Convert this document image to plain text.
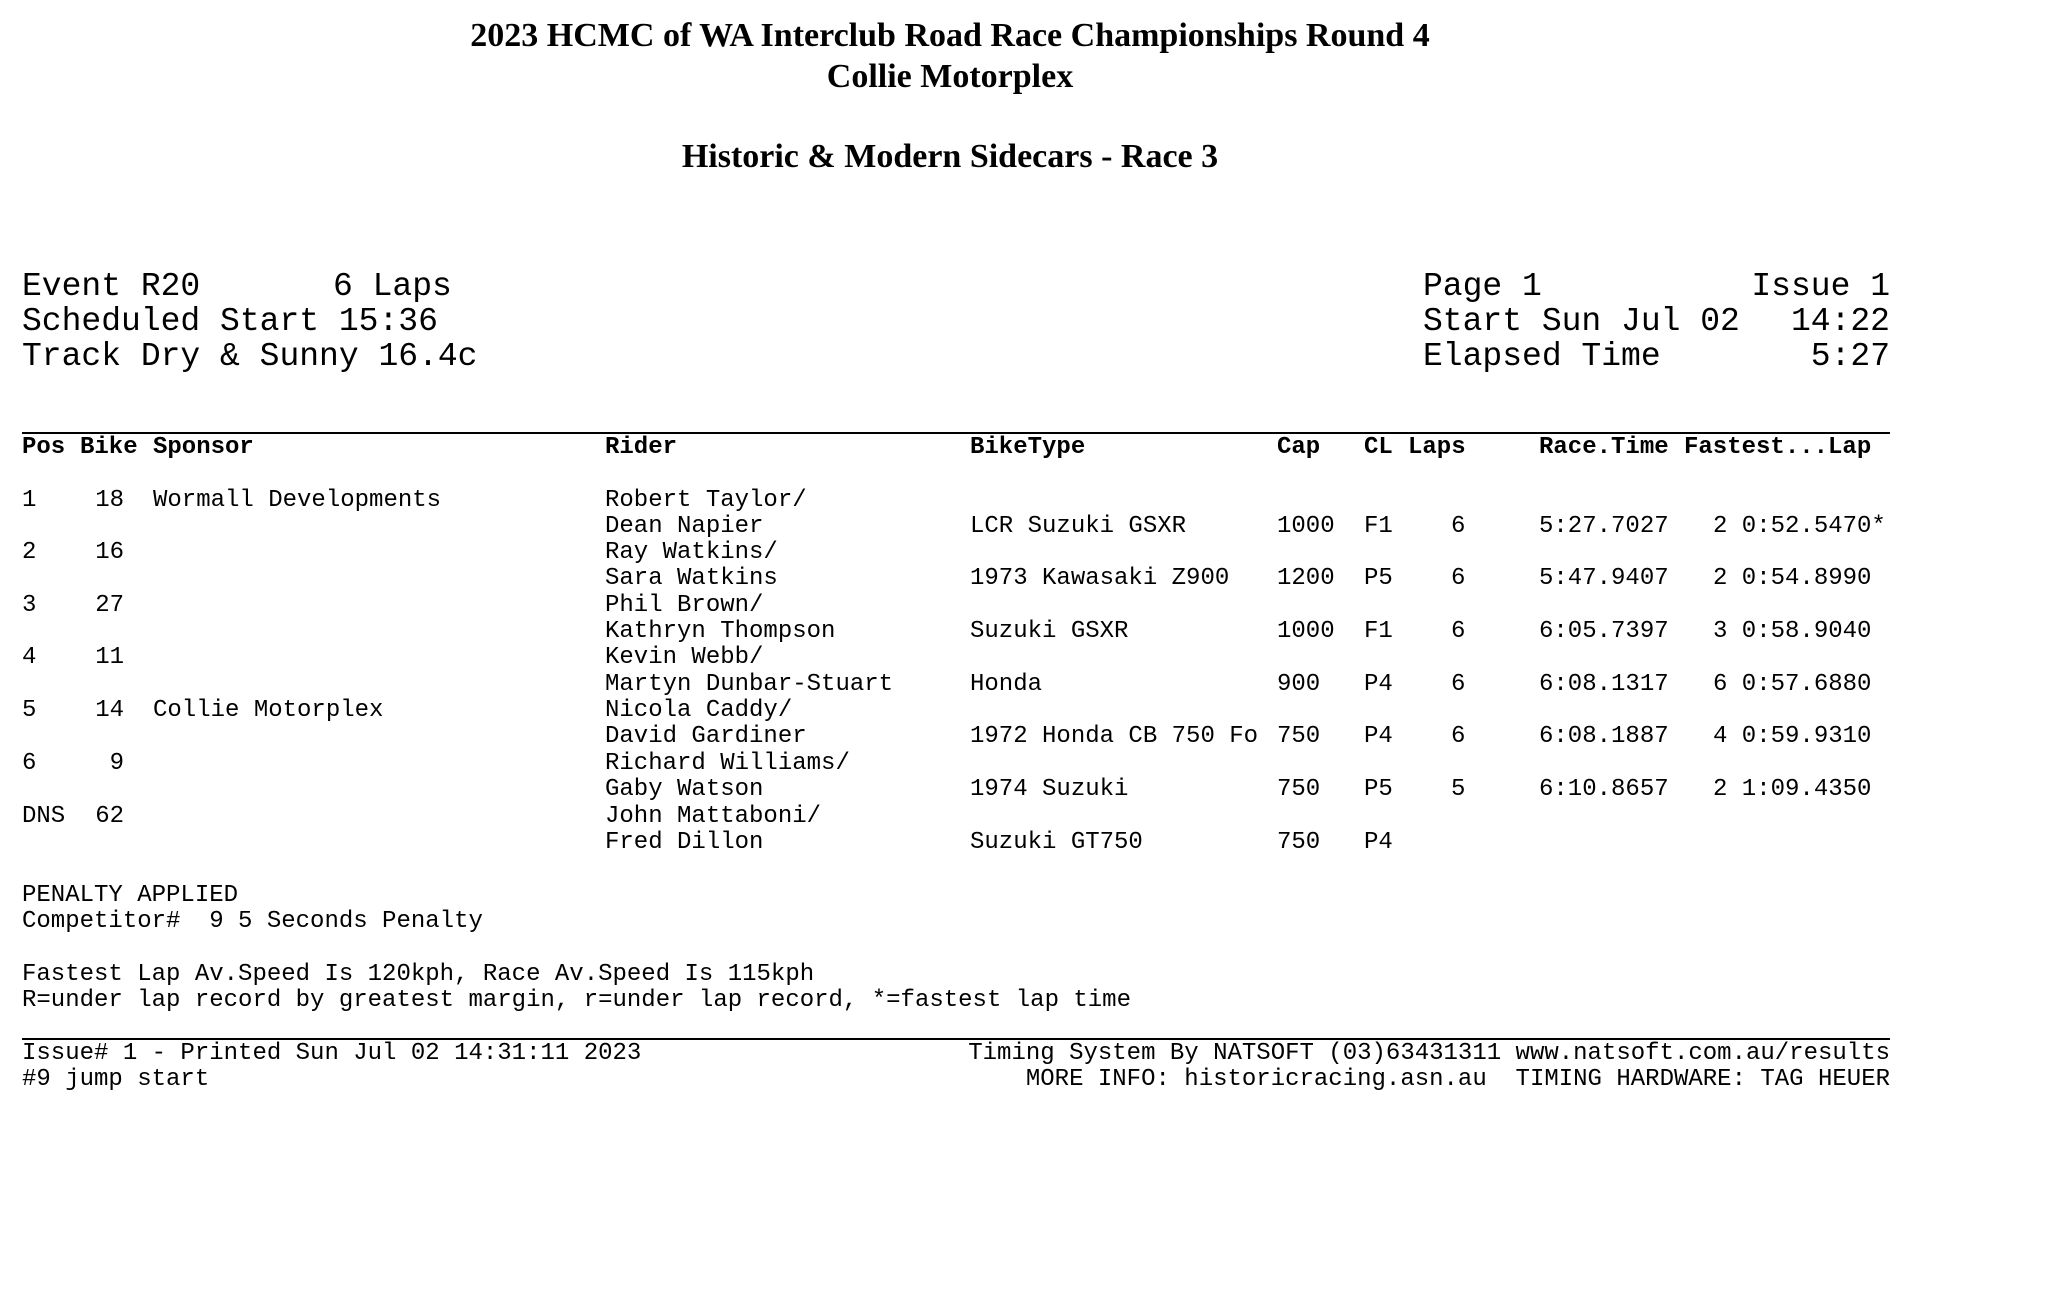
2023 HCMC of WA Interclub Road Race Championships Round 4
Collie Motorplex
Historic & Modern Sidecars - Race 3
Event R20	6 Laps
Scheduled Start 15:36
Track Dry & Sunny 16.4c
Page 1	Issue 1
Start Sun Jul 02	14:22
Elapsed Time	5:27
Pos Bike Sponsor	Rider	BikeType	Cap CL Laps	Race.Time Fastest...Lap
1	18 Wormall Developments	Robert Taylor/
Dean Napier	LCR Suzuki GSXR	1000 F1 6	5:27.7027 2 0:52.5470*
2	16	Ray Watkins/
Sara Watkins	1973 Kawasaki Z900 1200 P5 6	5:47.9407 2 0:54.8990
3	27	Phil Brown/
Kathryn Thompson	Suzuki GSXR	1000 F1 6	6:05.7397 3 0:58.9040
4	11	Kevin Webb/
Martyn Dunbar-Stuart	Honda	900 P4 6	6:08.1317 6 0:57.6880
5	14 Collie Motorplex	Nicola Caddy/
David Gardiner	1972 Honda CB 750 Fo 750 P4 6	6:08.1887 4 0:59.9310
6	9	Richard Williams/
Gaby Watson	1974 Suzuki	750 P5 5	6:10.8657 2 1:09.4350
DNS	62	John Mattaboni/
Fred Dillon	Suzuki GT750	750 P4
PENALTY APPLIED
Competitor#  9 5 Seconds Penalty
Fastest Lap Av.Speed Is 120kph, Race Av.Speed Is 115kph
R=under lap record by greatest margin, r=under lap record, *=fastest lap time
Issue# 1 - Printed Sun Jul 02 14:31:11 2023
#9 jump start
Timing System By NATSOFT (03)63431311 www.natsoft.com.au/results
MORE INFO: historicracing.asn.au  TIMING HARDWARE: TAG HEUER
